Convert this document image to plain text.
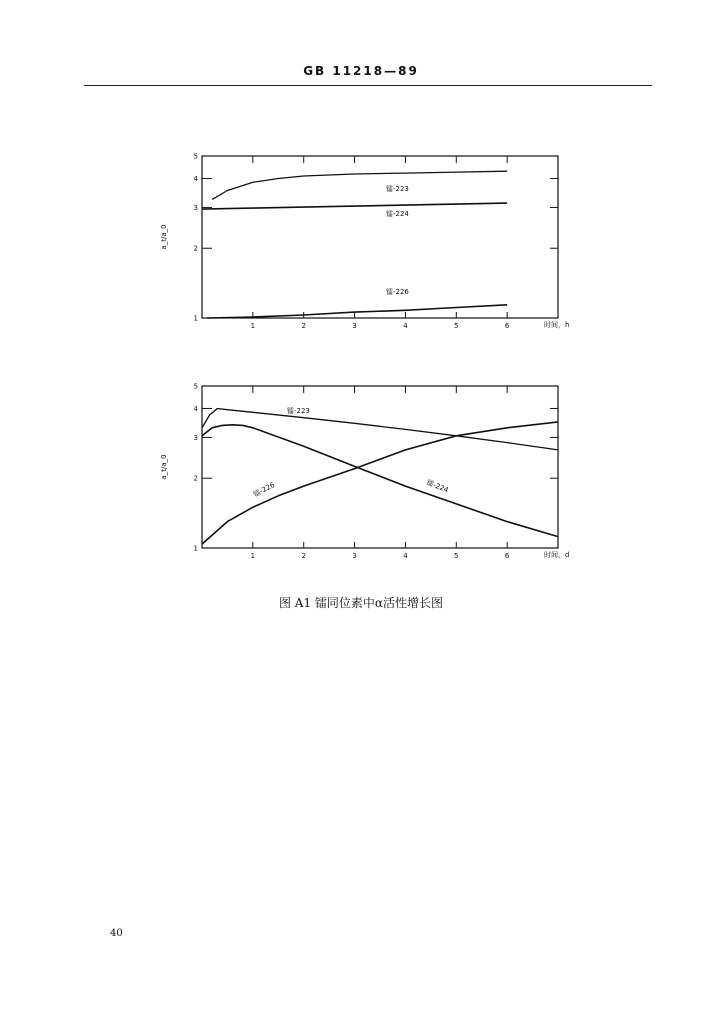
GB 11218—89
1	2	3	4	5	6
1
2
3
4
5
时间，h
a_t/a_0
镭-223
镭-224
镭-226
1	2	3	4	5	6
1
2
3
4
5
时间，d
a_t/a_0
镭-223
镭-224
镭-226
图 A1 镭同位素中α活性增长图
40
